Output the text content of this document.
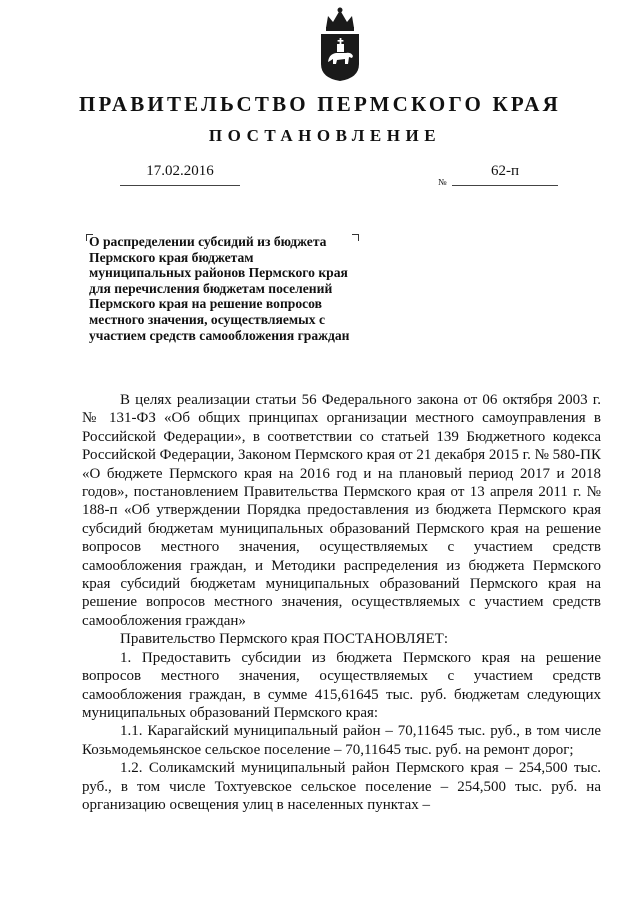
ПРАВИТЕЛЬСТВО ПЕРМСКОГО КРАЯ
ПОСТАНОВЛЕНИЕ
17.02.2016
№
62-п

О распределении субсидий из бюджета Пермского края бюджетам муниципальных районов Пермского края для перечисления бюджетам поселений Пермского края на решение вопросов местного значения, осуществляемых с участием средств самообложения граждан

В целях реализации статьи 56 Федерального закона от 06 октября 2003 г. № 131-ФЗ «Об общих принципах организации местного самоуправления в Российской Федерации», в соответствии со статьей 139 Бюджетного кодекса Российской Федерации, Законом Пермского края от 21 декабря 2015 г. № 580-ПК «О бюджете Пермского края на 2016 год и на плановый период 2017 и 2018 годов», постановлением Правительства Пермского края от 13 апреля 2011 г. № 188-п «Об утверждении Порядка предоставления из бюджета Пермского края субсидий бюджетам муниципальных образований Пермского края на решение вопросов местного значения, осуществляемых с участием средств самообложения граждан, и Методики распределения из бюджета Пермского края субсидий бюджетам муниципальных образований Пермского края на решение вопросов местного значения, осуществляемых с участием средств самообложения граждан»

Правительство Пермского края ПОСТАНОВЛЯЕТ:

1. Предоставить субсидии из бюджета Пермского края на решение вопросов местного значения, осуществляемых с участием средств самообложения граждан, в сумме 415,61645 тыс. руб. бюджетам следующих муниципальных образований Пермского края:

1.1. Карагайский муниципальный район – 70,11645 тыс. руб., в том числе Козьмодемьянское сельское поселение – 70,11645 тыс. руб. на ремонт дорог;

1.2. Соликамский муниципальный район Пермского края – 254,500 тыс. руб., в том числе Тохтуевское сельское поселение – 254,500 тыс. руб. на организацию освещения улиц в населенных пунктах –
